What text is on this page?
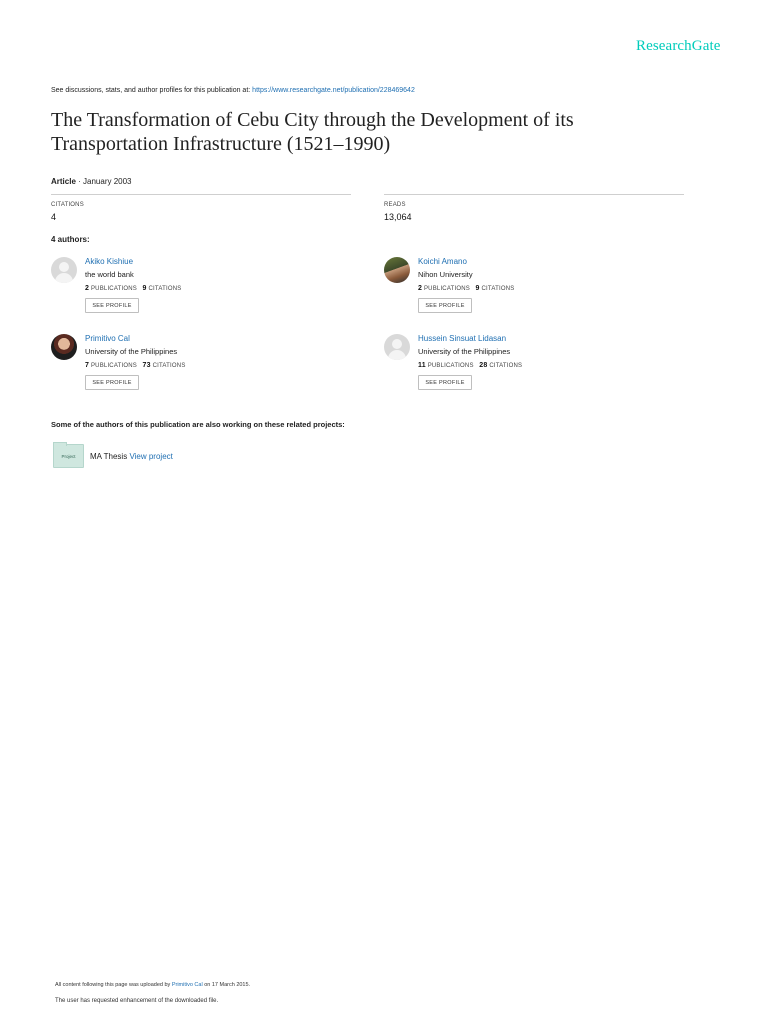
ResearchGate
See discussions, stats, and author profiles for this publication at: https://www.researchgate.net/publication/228469642
The Transformation of Cebu City through the Development of its Transportation Infrastructure (1521–1990)
Article · January 2003
CITATIONS
4
READS
13,064
4 authors:
Akiko Kishiue
the world bank
2 PUBLICATIONS 9 CITATIONS
SEE PROFILE
Koichi Amano
Nihon University
2 PUBLICATIONS 9 CITATIONS
SEE PROFILE
Primitivo Cal
University of the Philippines
7 PUBLICATIONS 73 CITATIONS
SEE PROFILE
Hussein Sinsuat Lidasan
University of the Philippines
11 PUBLICATIONS 28 CITATIONS
SEE PROFILE
Some of the authors of this publication are also working on these related projects:
Project	MA Thesis View project
All content following this page was uploaded by Primitivo Cal on 17 March 2015.
The user has requested enhancement of the downloaded file.
